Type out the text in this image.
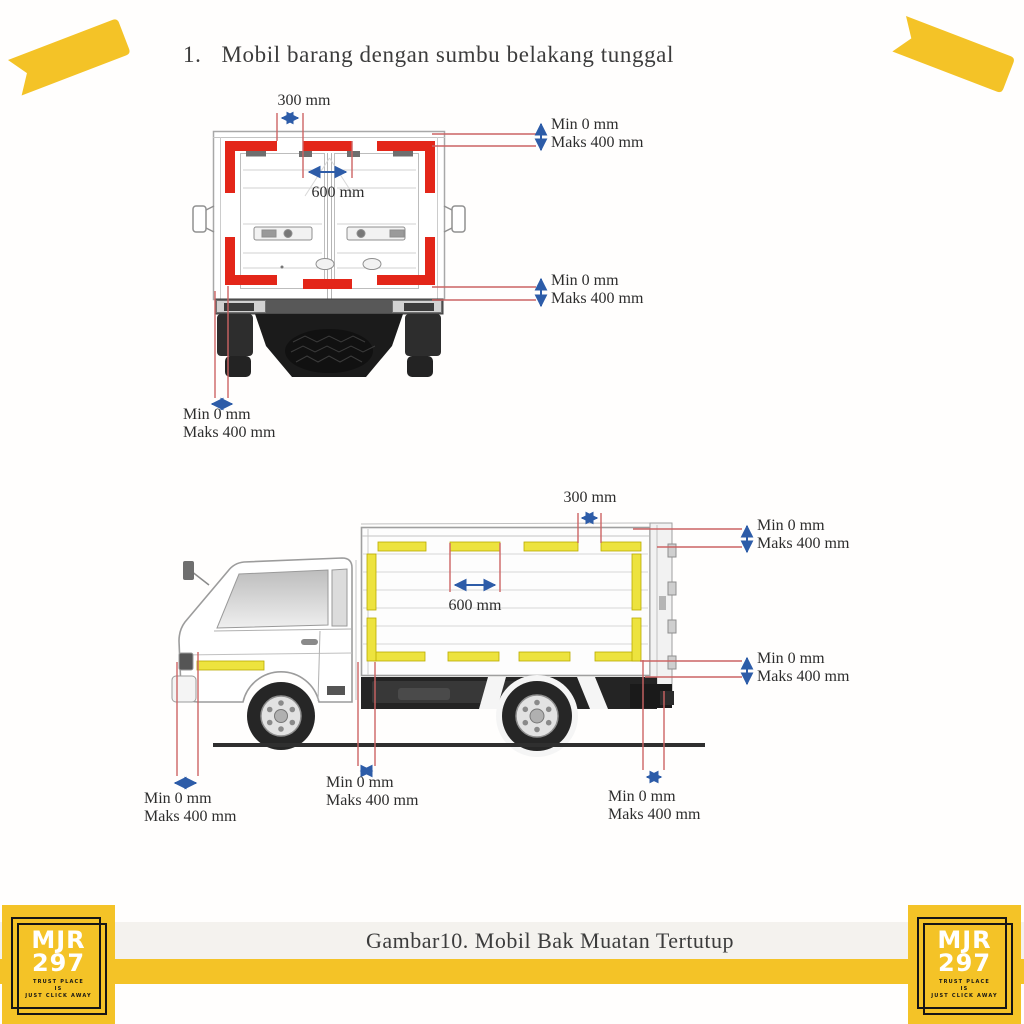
1. Mobil barang dengan sumbu belakang tunggal
300 mm
600 mm
Min 0 mm
Maks 400 mm
Min 0 mm
Maks 400 mm
Min 0 mm
Maks 400 mm
300 mm
600 mm
Min 0 mm
Maks 400 mm
Min 0 mm
Maks 400 mm
Min 0 mm
Maks 400 mm
Min 0 mm
Maks 400 mm	Min 0 mm
Maks 400 mm
Gambar10. Mobil Bak Muatan Tertutup
MJR
297
TRUST PLACE
IS
JUST CLICK AWAY
MJR
297
TRUST PLACE
IS
JUST CLICK AWAY
